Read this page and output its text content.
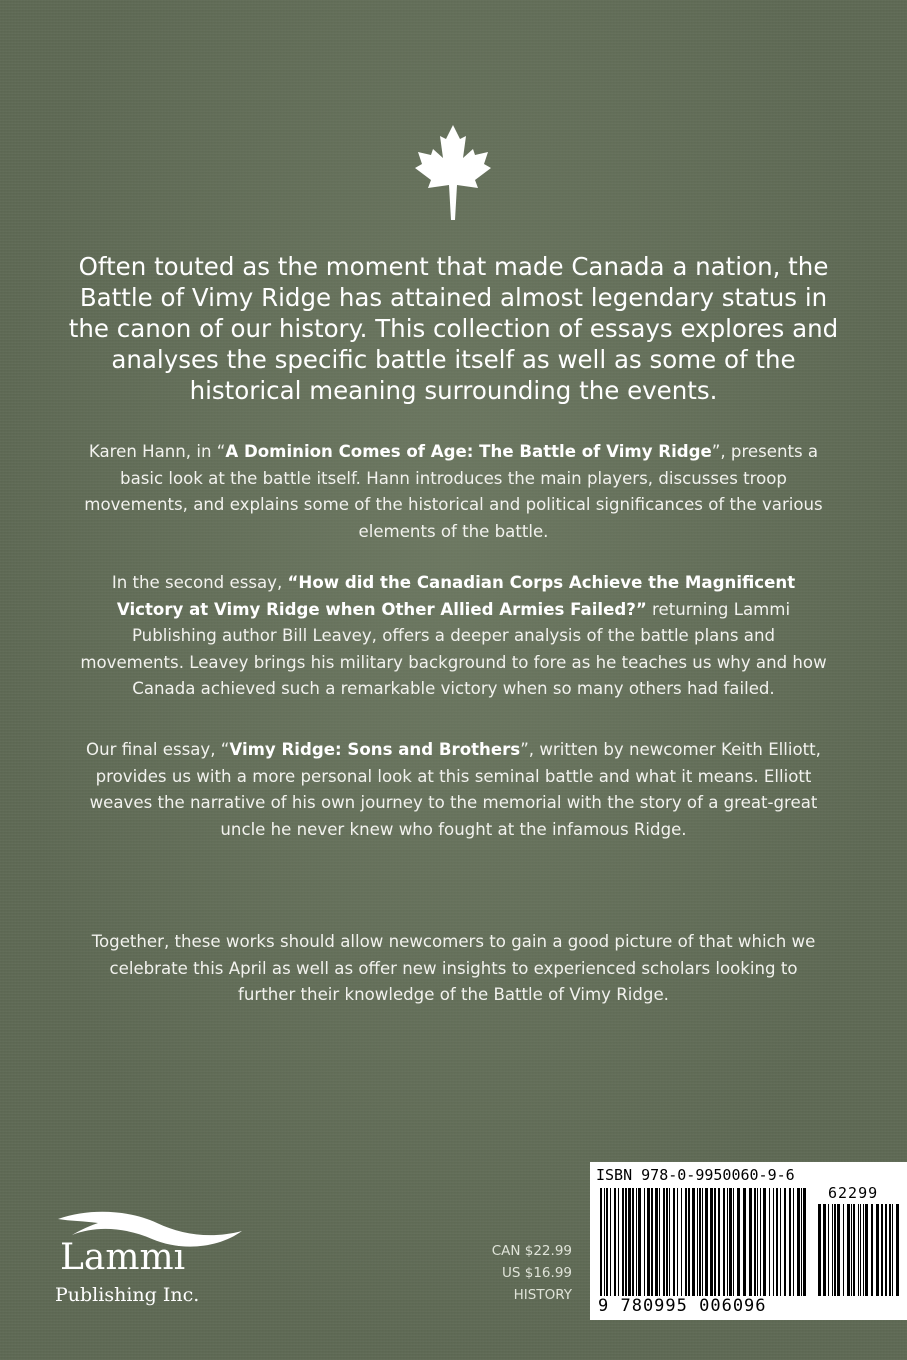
Often touted as the moment that made Canada a nation, the Battle of Vimy Ridge has attained almost legendary status in the canon of our history. This collection of essays explores and analyses the specific battle itself as well as some of the historical meaning surrounding the events.
Karen Hann, in “A Dominion Comes of Age: The Battle of Vimy Ridge”, presents a basic look at the battle itself. Hann introduces the main players, discusses troop movements, and explains some of the historical and political significances of the various elements of the battle.
In the second essay, “How did the Canadian Corps Achieve the Magnificent Victory at Vimy Ridge when Other Allied Armies Failed?” returning Lammi Publishing author Bill Leavey, offers a deeper analysis of the battle plans and movements. Leavey brings his military background to fore as he teaches us why and how Canada achieved such a remarkable victory when so many others had failed.
Our final essay, “Vimy Ridge: Sons and Brothers”, written by newcomer Keith Elliott, provides us with a more personal look at this seminal battle and what it means. Elliott weaves the narrative of his own journey to the memorial with the story of a great-great uncle he never knew who fought at the infamous Ridge.
Together, these works should allow newcomers to gain a good picture of that which we celebrate this April as well as offer new insights to experienced scholars looking to further their knowledge of the Battle of Vimy Ridge.
Lammi
Publishing Inc.
CAN $22.99
US $16.99
HISTORY
ISBN 978-0-9950060-9-6
62299
9 780995 006096
